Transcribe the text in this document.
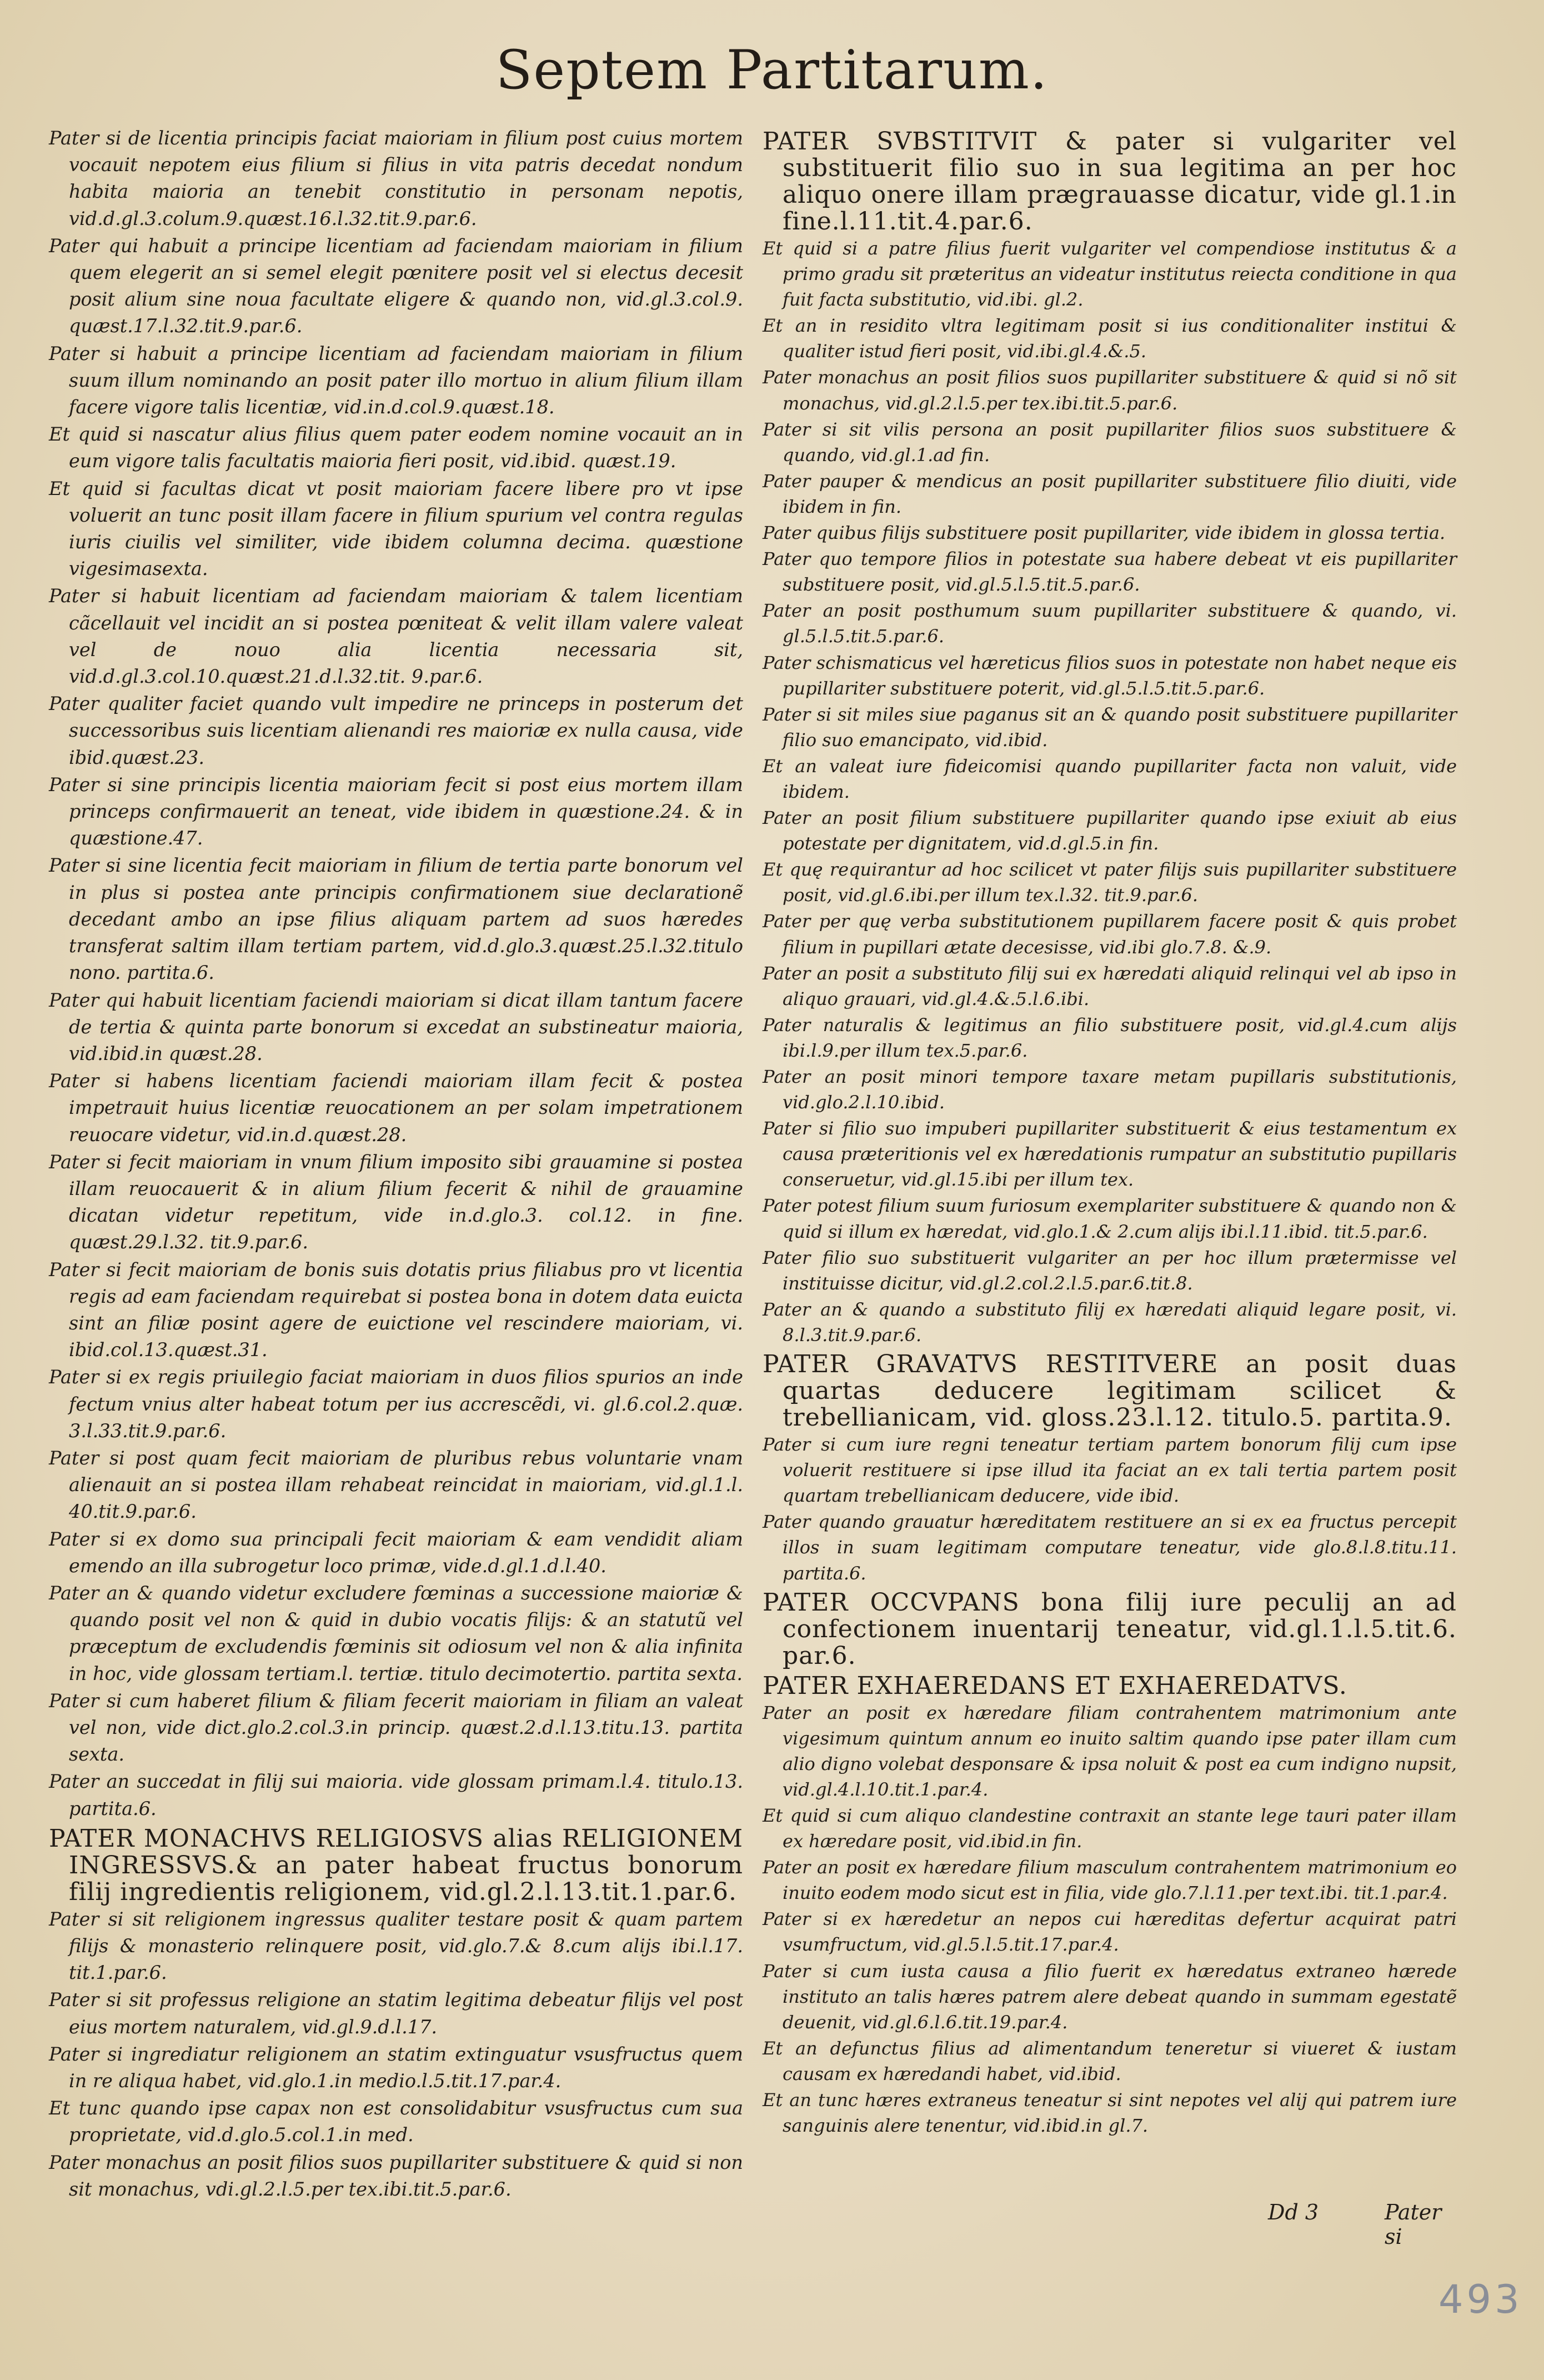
Septem Partitarum.

Pater si de licentia principis faciat maioriam in filium post cuius mortem vocauit nepotem eius filium si filius in vita patris decedat nondum habita maioria an tenebit constitutio in personam nepotis, vid.d.gl.3.colum.9.quæst.16.l.32.tit.9.par.6.

Pater qui habuit a principe licentiam ad faciendam maioriam in filium quem elegerit an si semel elegit pœnitere posit vel si electus decesit posit alium sine noua facultate eligere & quando non, vid.gl.3.col.9. quæst.17.l.32.tit.9.par.6.

Pater si habuit a principe licentiam ad faciendam maioriam in filium suum illum nominando an posit pater illo mortuo in alium filium illam facere vigore talis licentiæ, vid.in.d.col.9.quæst.18.

Et quid si nascatur alius filius quem pater eodem nomine vocauit an in eum vigore talis facultatis maioria fieri posit, vid.ibid. quæst.19.

Et quid si facultas dicat vt posit maioriam facere libere pro vt ipse voluerit an tunc posit illam facere in filium spurium vel contra regulas iuris ciuilis vel similiter, vide ibidem columna decima. quæstione vigesimasexta.

Pater si habuit licentiam ad faciendam maioriam & talem licentiam cãcellauit vel incidit an si postea pœniteat & velit illam valere valeat vel de nouo alia licentia necessaria sit, vid.d.gl.3.col.10.quæst.21.d.l.32.tit. 9.par.6.

Pater qualiter faciet quando vult impedire ne princeps in posterum det successoribus suis licentiam alienandi res maioriæ ex nulla causa, vide ibid.quæst.23.

Pater si sine principis licentia maioriam fecit si post eius mortem illam princeps confirmauerit an teneat, vide ibidem in quæstione.24. & in quæstione.47.

Pater si sine licentia fecit maioriam in filium de tertia parte bonorum vel in plus si postea ante principis confirmationem siue declarationẽ decedant ambo an ipse filius aliquam partem ad suos hæredes transferat saltim illam tertiam partem, vid.d.glo.3.quæst.25.l.32.titulo nono. partita.6.

Pater qui habuit licentiam faciendi maioriam si dicat illam tantum facere de tertia & quinta parte bonorum si excedat an substineatur maioria, vid.ibid.in quæst.28.

Pater si habens licentiam faciendi maioriam illam fecit & postea impetrauit huius licentiæ reuocationem an per solam impetrationem reuocare videtur, vid.in.d.quæst.28.

Pater si fecit maioriam in vnum filium imposito sibi grauamine si postea illam reuocauerit & in alium filium fecerit & nihil de grauamine dicatan videtur repetitum, vide in.d.glo.3. col.12. in fine. quæst.29.l.32. tit.9.par.6.

Pater si fecit maioriam de bonis suis dotatis prius filiabus pro vt licentia regis ad eam faciendam requirebat si postea bona in dotem data euicta sint an filiæ posint agere de euictione vel rescindere maioriam, vi. ibid.col.13.quæst.31.

Pater si ex regis priuilegio faciat maioriam in duos filios spurios an inde fectum vnius alter habeat totum per ius accrescẽdi, vi. gl.6.col.2.quæ. 3.l.33.tit.9.par.6.

Pater si post quam fecit maioriam de pluribus rebus voluntarie vnam alienauit an si postea illam rehabeat reincidat in maioriam, vid.gl.1.l. 40.tit.9.par.6.

Pater si ex domo sua principali fecit maioriam & eam vendidit aliam emendo an illa subrogetur loco primæ, vide.d.gl.1.d.l.40.

Pater an & quando videtur excludere fœminas a successione maioriæ & quando posit vel non & quid in dubio vocatis filijs: & an statutũ vel præceptum de excludendis fœminis sit odiosum vel non & alia infinita in hoc, vide glossam tertiam.l. tertiæ. titulo decimotertio. partita sexta.

Pater si cum haberet filium & filiam fecerit maioriam in filiam an valeat vel non, vide dict.glo.2.col.3.in princip. quæst.2.d.l.13.titu.13. partita sexta.

Pater an succedat in filij sui maioria. vide glossam primam.l.4. titulo.13. partita.6.

PATER MONACHVS RELIGIOSVS alias RELIGIONEM INGRESSVS.& an pater habeat fructus bonorum filij ingredientis religionem, vid.gl.2.l.13.tit.1.par.6.

Pater si sit religionem ingressus qualiter testare posit & quam partem filijs & monasterio relinquere posit, vid.glo.7.& 8.cum alijs ibi.l.17. tit.1.par.6.

Pater si sit professus religione an statim legitima debeatur filijs vel post eius mortem naturalem, vid.gl.9.d.l.17.

Pater si ingrediatur religionem an statim extinguatur vsusfructus quem in re aliqua habet, vid.glo.1.in medio.l.5.tit.17.par.4.

Et tunc quando ipse capax non est consolidabitur vsusfructus cum sua proprietate, vid.d.glo.5.col.1.in med.

Pater monachus an posit filios suos pupillariter substituere & quid si non sit monachus, vdi.gl.2.l.5.per tex.ibi.tit.5.par.6.

PATER SVBSTITVIT & pater si vulgariter vel substituerit filio suo in sua legitima an per hoc aliquo onere illam prægrauasse dicatur, vide gl.1.in fine.l.11.tit.4.par.6.

Et quid si a patre filius fuerit vulgariter vel compendiose institutus & a primo gradu sit præteritus an videatur institutus reiecta conditione in qua fuit facta substitutio, vid.ibi. gl.2.

Et an in residito vltra legitimam posit si ius conditionaliter institui & qualiter istud fieri posit, vid.ibi.gl.4.&.5.

Pater monachus an posit filios suos pupillariter substituere & quid si nõ sit monachus, vid.gl.2.l.5.per tex.ibi.tit.5.par.6.

Pater si sit vilis persona an posit pupillariter filios suos substituere & quando, vid.gl.1.ad fin.

Pater pauper & mendicus an posit pupillariter substituere filio diuiti, vide ibidem in fin.

Pater quibus filijs substituere posit pupillariter, vide ibidem in glossa tertia.

Pater quo tempore filios in potestate sua habere debeat vt eis pupillariter substituere posit, vid.gl.5.l.5.tit.5.par.6.

Pater an posit posthumum suum pupillariter substituere & quando, vi. gl.5.l.5.tit.5.par.6.

Pater schismaticus vel hæreticus filios suos in potestate non habet neque eis pupillariter substituere poterit, vid.gl.5.l.5.tit.5.par.6.

Pater si sit miles siue paganus sit an & quando posit substituere pupillariter filio suo emancipato, vid.ibid.

Et an valeat iure fideicomisi quando pupillariter facta non valuit, vide ibidem.

Pater an posit filium substituere pupillariter quando ipse exiuit ab eius potestate per dignitatem, vid.d.gl.5.in fin.

Et quę requirantur ad hoc scilicet vt pater filijs suis pupillariter substituere posit, vid.gl.6.ibi.per illum tex.l.32. tit.9.par.6.

Pater per quę verba substitutionem pupillarem facere posit & quis probet filium in pupillari ætate decesisse, vid.ibi glo.7.8. &.9.

Pater an posit a substituto filij sui ex hæredati aliquid relinqui vel ab ipso in aliquo grauari, vid.gl.4.&.5.l.6.ibi.

Pater naturalis & legitimus an filio substituere posit, vid.gl.4.cum alijs ibi.l.9.per illum tex.5.par.6.

Pater an posit minori tempore taxare metam pupillaris substitutionis, vid.glo.2.l.10.ibid.

Pater si filio suo impuberi pupillariter substituerit & eius testamentum ex causa præteritionis vel ex hæredationis rumpatur an substitutio pupillaris conseruetur, vid.gl.15.ibi per illum tex.

Pater potest filium suum furiosum exemplariter substituere & quando non & quid si illum ex hæredat, vid.glo.1.& 2.cum alijs ibi.l.11.ibid. tit.5.par.6.

Pater filio suo substituerit vulgariter an per hoc illum prætermisse vel instituisse dicitur, vid.gl.2.col.2.l.5.par.6.tit.8.

Pater an & quando a substituto filij ex hæredati aliquid legare posit, vi. 8.l.3.tit.9.par.6.

PATER GRAVATVS RESTITVERE an posit duas quartas deducere legitimam scilicet & trebellianicam, vid. gloss.23.l.12. titulo.5. partita.9.

Pater si cum iure regni teneatur tertiam partem bonorum filij cum ipse voluerit restituere si ipse illud ita faciat an ex tali tertia partem posit quartam trebellianicam deducere, vide ibid.

Pater quando grauatur hæreditatem restituere an si ex ea fructus percepit illos in suam legitimam computare teneatur, vide glo.8.l.8.titu.11. partita.6.

PATER OCCVPANS bona filij iure peculij an ad confectionem inuentarij teneatur, vid.gl.1.l.5.tit.6. par.6.

PATER EXHAEREDANS ET EXHAEREDATVS.

Pater an posit ex hæredare filiam contrahentem matrimonium ante vigesimum quintum annum eo inuito saltim quando ipse pater illam cum alio digno volebat desponsare & ipsa noluit & post ea cum indigno nupsit, vid.gl.4.l.10.tit.1.par.4.

Et quid si cum aliquo clandestine contraxit an stante lege tauri pater illam ex hæredare posit, vid.ibid.in fin.

Pater an posit ex hæredare filium masculum contrahentem matrimonium eo inuito eodem modo sicut est in filia, vide glo.7.l.11.per text.ibi. tit.1.par.4.

Pater si ex hæredetur an nepos cui hæreditas defertur acquirat patri vsumfructum, vid.gl.5.l.5.tit.17.par.4.

Pater si cum iusta causa a filio fuerit ex hæredatus extraneo hærede instituto an talis hæres patrem alere debeat quando in summam egestatẽ deuenit, vid.gl.6.l.6.tit.19.par.4.

Et an defunctus filius ad alimentandum teneretur si viueret & iustam causam ex hæredandi habet, vid.ibid.

Et an tunc hæres extraneus teneatur si sint nepotes vel alij qui patrem iure sanguinis alere tenentur, vid.ibid.in gl.7.

Dd 3	Pater si
493
